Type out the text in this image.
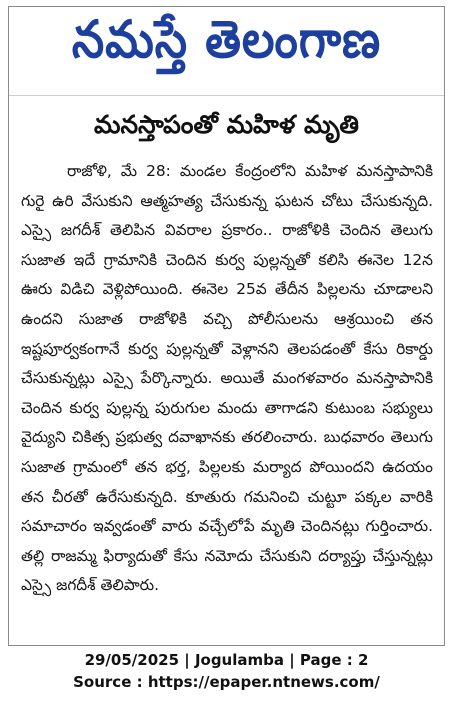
నమస్తే తెలంగాణ
మనస్తాపంతో మహిళ మృతి

రాజోళి, మే 28: మండల కేంద్రంలోని మహిళ మనస్తాపానికి గురై ఉరి వేసుకుని ఆత్మహత్య చేసుకున్న ఘటన చోటు చేసుకున్నది. ఎస్సై జగదీశ్ తెలిపిన వివరాల ప్రకారం.. రాజోళికి చెందిన తెలుగు సుజాత ఇదే గ్రామానికి చెందిన కుర్వ పుల్లన్నతో కలిసి ఈనెల 12న ఊరు విడిచి వెళ్లిపోయింది. ఈనెల 25వ తేదీన పిల్లలను చూడాలని ఉందని సుజాత రాజోళికి వచ్చి పోలీసులను ఆశ్రయించి తన ఇష్టపూర్వకంగానే కుర్వ పుల్లన్నతో వెళ్లానని తెలపడంతో కేసు రికార్డు చేసుకున్నట్లు ఎస్సై పేర్కొన్నారు. అయితే మంగళవారం మనస్తాపానికి చెందిన కుర్వ పుల్లన్న పురుగుల మందు తాగాడని కుటుంబ సభ్యులు వైద్యుని చికిత్స ప్రభుత్వ దవాఖానకు తరలించారు. బుధవారం తెలుగు సుజాత గ్రామంలో తన భర్త, పిల్లలకు మర్యాద పోయిందని ఉదయం తన చీరతో ఉరేసుకున్నది. కూతురు గమనించి చుట్టూ పక్కల వారికి సమాచారం ఇవ్వడంతో వారు వచ్చేలోపే మృతి చెందినట్లు గుర్తించారు. తల్లి రాజమ్మ ఫిర్యాదుతో కేసు నమోదు చేసుకుని దర్యాప్తు చేస్తున్నట్లు ఎస్సై జగదీశ్ తెలిపారు.

29/05/2025 | Jogulamba | Page : 2
Source : https://epaper.ntnews.com/
